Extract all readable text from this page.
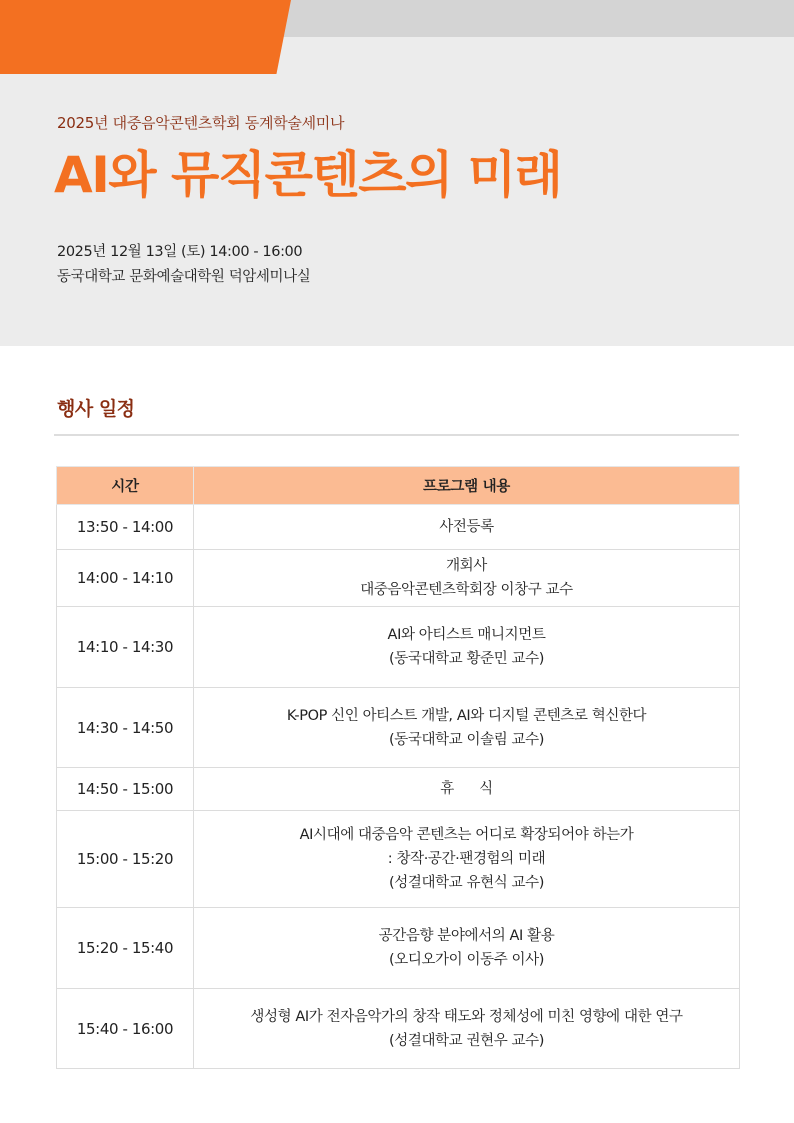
2025년 대중음악콘텐츠학회 동계학술세미나
AI와 뮤직콘텐츠의 미래
2025년 12월 13일 (토) 14:00 - 16:00
동국대학교 문화예술대학원 덕암세미나실
행사 일정
시간	프로그램 내용
13:50 - 14:00	사전등록

14:00 - 14:10	개회사
대중음악콘텐츠학회장 이창구 교수

14:10 - 14:30	AI와 아티스트 매니지먼트
(동국대학교 황준민 교수)

14:30 - 14:50	K-POP 신인 아티스트 개발, AI와 디지털 콘텐츠로 혁신한다
(동국대학교 이솔림 교수)

14:50 - 15:00	휴      식

15:00 - 15:20	AI시대에 대중음악 콘텐츠는 어디로 확장되어야 하는가
: 창작·공간·팬경험의 미래
(성결대학교 유현식 교수)

15:20 - 15:40	공간음향 분야에서의 AI 활용
(오디오가이 이동주 이사)

15:40 - 16:00	생성형 AI가 전자음악가의 창작 태도와 정체성에 미친 영향에 대한 연구
(성결대학교 권현우 교수)
